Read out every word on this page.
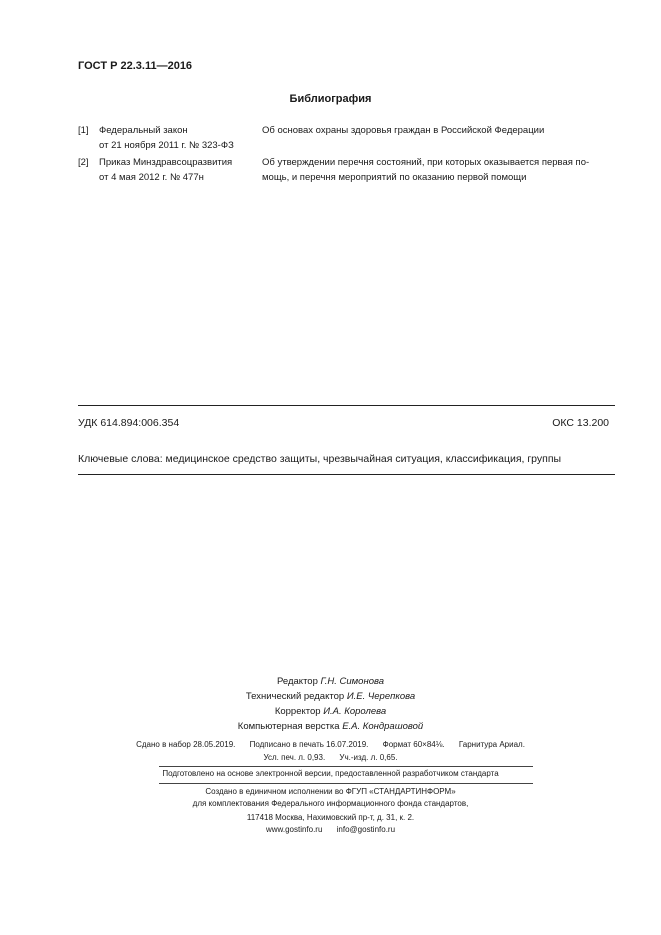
ГОСТ Р 22.3.11—2016
Библиография
[1] Федеральный закон
от 21 ноября 2011 г. № 323-ФЗ
Об основах охраны здоровья граждан в Российской Федерации
[2] Приказ Минздравсоцразвития
от 4 мая 2012 г. № 477н
Об утверждении перечня состояний, при которых оказывается первая по-
мощь, и перечня мероприятий по оказанию первой помощи
УДК 614.894:006.354	ОКС 13.200
Ключевые слова: медицинское средство защиты, чрезвычайная ситуация, классификация, группы
Редактор Г.Н. Симонова
Технический редактор И.Е. Черепкова
Корректор И.А. Королева
Компьютерная верстка Е.А. Кондрашовой
Сдано в набор 28.05.2019. Подписано в печать 16.07.2019. Формат 60×84⅛. Гарнитура Ариал.
Усл. печ. л. 0,93. Уч.-изд. л. 0,65.
Подготовлено на основе электронной версии, предоставленной разработчиком стандарта
Создано в единичном исполнении во ФГУП «СТАНДАРТИНФОРМ»
для комплектования Федерального информационного фонда стандартов,
117418 Москва, Нахимовский пр-т, д. 31, к. 2.
www.gostinfo.ru info@gostinfo.ru
